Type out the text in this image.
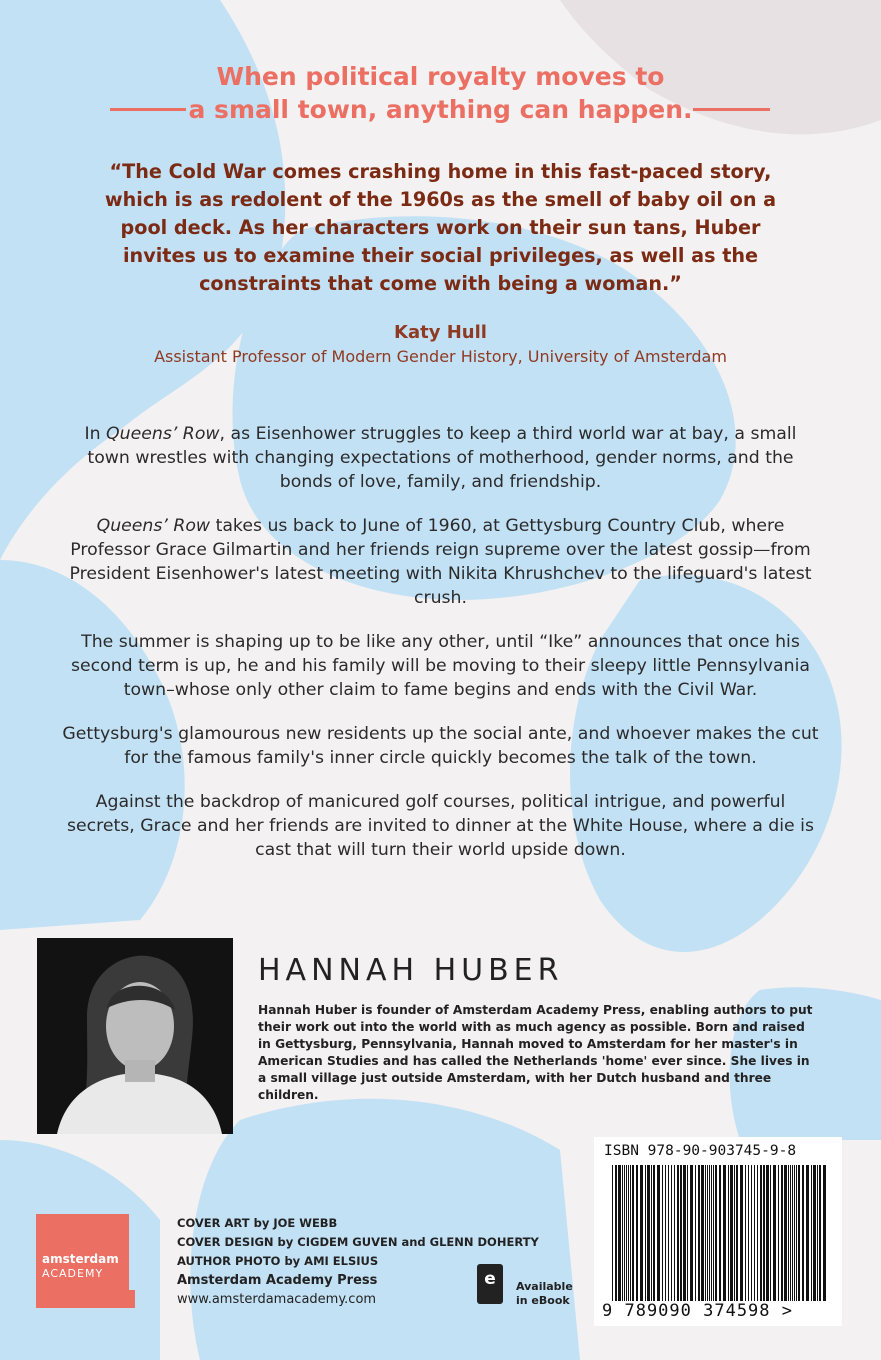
When political royalty moves to
a small town, anything can happen.
“The Cold War comes crashing home in this fast-paced story, which is as redolent of the 1960s as the smell of baby oil on a pool deck. As her characters work on their sun tans, Huber invites us to examine their social privileges, as well as the constraints that come with being a woman.”
Katy Hull
Assistant Professor of Modern Gender History, University of Amsterdam

In Queens’ Row, as Eisenhower struggles to keep a third world war at bay, a small town wrestles with changing expectations of motherhood, gender norms, and the bonds of love, family, and friendship.

Queens’ Row takes us back to June of 1960, at Gettysburg Country Club, where Professor Grace Gilmartin and her friends reign supreme over the latest gossip—from President Eisenhower's latest meeting with Nikita Khrushchev to the lifeguard's latest crush.

The summer is shaping up to be like any other, until “Ike” announces that once his second term is up, he and his family will be moving to their sleepy little Pennsylvania town–whose only other claim to fame begins and ends with the Civil War.

Gettysburg's glamourous new residents up the social ante, and whoever makes the cut for the famous family's inner circle quickly becomes the talk of the town.

Against the backdrop of manicured golf courses, political intrigue, and powerful secrets, Grace and her friends are invited to dinner at the White House, where a die is cast that will turn their world upside down.

HANNAH HUBER
Hannah Huber is founder of Amsterdam Academy Press, enabling authors to put their work out into the world with as much agency as possible. Born and raised in Gettysburg, Pennsylvania, Hannah moved to Amsterdam for her master's in American Studies and has called the Netherlands 'home' ever since. She lives in a small village just outside Amsterdam, with her Dutch husband and three children.
ISBN 978-90-903745-9-8
9 789090 374598 >
amsterdam
ACADEMY
COVER ART by JOE WEBB
COVER DESIGN by CIGDEM GUVEN and GLENN DOHERTY
AUTHOR PHOTO by AMI ELSIUS
Amsterdam Academy Press
www.amsterdamacademy.com
e	Available
in eBook
